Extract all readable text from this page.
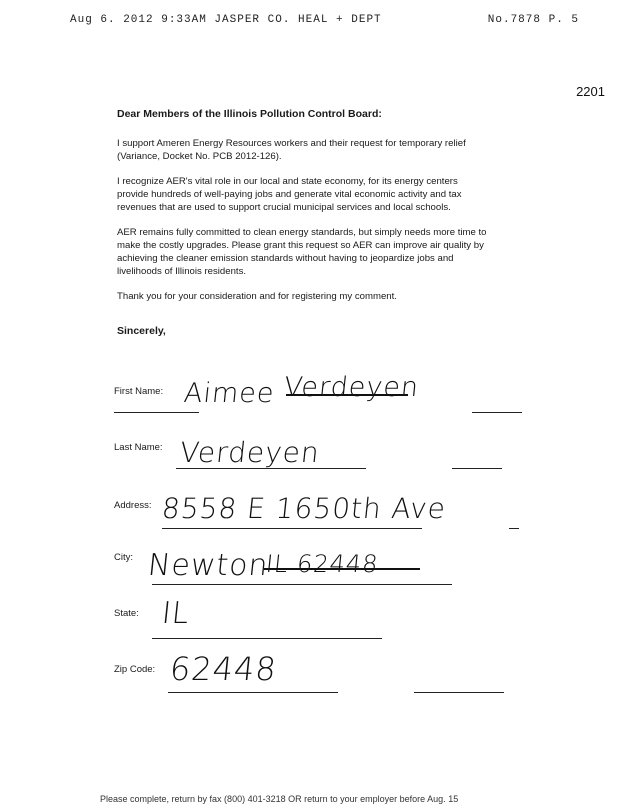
Aug 6. 2012 9:33AM JASPER CO. HEAL + DEPT	No.7878 P. 5
2201

Dear Members of the Illinois Pollution Control Board:

I support Ameren Energy Resources workers and their request for temporary relief
(Variance, Docket No. PCB 2012-126).

I recognize AER's vital role in our local and state economy, for its energy centers
provide hundreds of well-paying jobs and generate vital economic activity and tax
revenues that are used to support crucial municipal services and local schools.

AER remains fully committed to clean energy standards, but simply needs more time to
make the costly upgrades. Please grant this request so AER can improve air quality by
achieving the cleaner emission standards without having to jeopardize jobs and
livelihoods of Illinois residents.

Thank you for your consideration and for registering my comment.

Sincerely,

First Name: Aimee Verdeyen
Last Name: Verdeyen
Address: 8558 E 1650th Ave
City: Newton
IL 62448
State: IL
Zip Code: 62448
Please complete, return by fax (800) 401-3218 OR return to your employer before Aug. 15
